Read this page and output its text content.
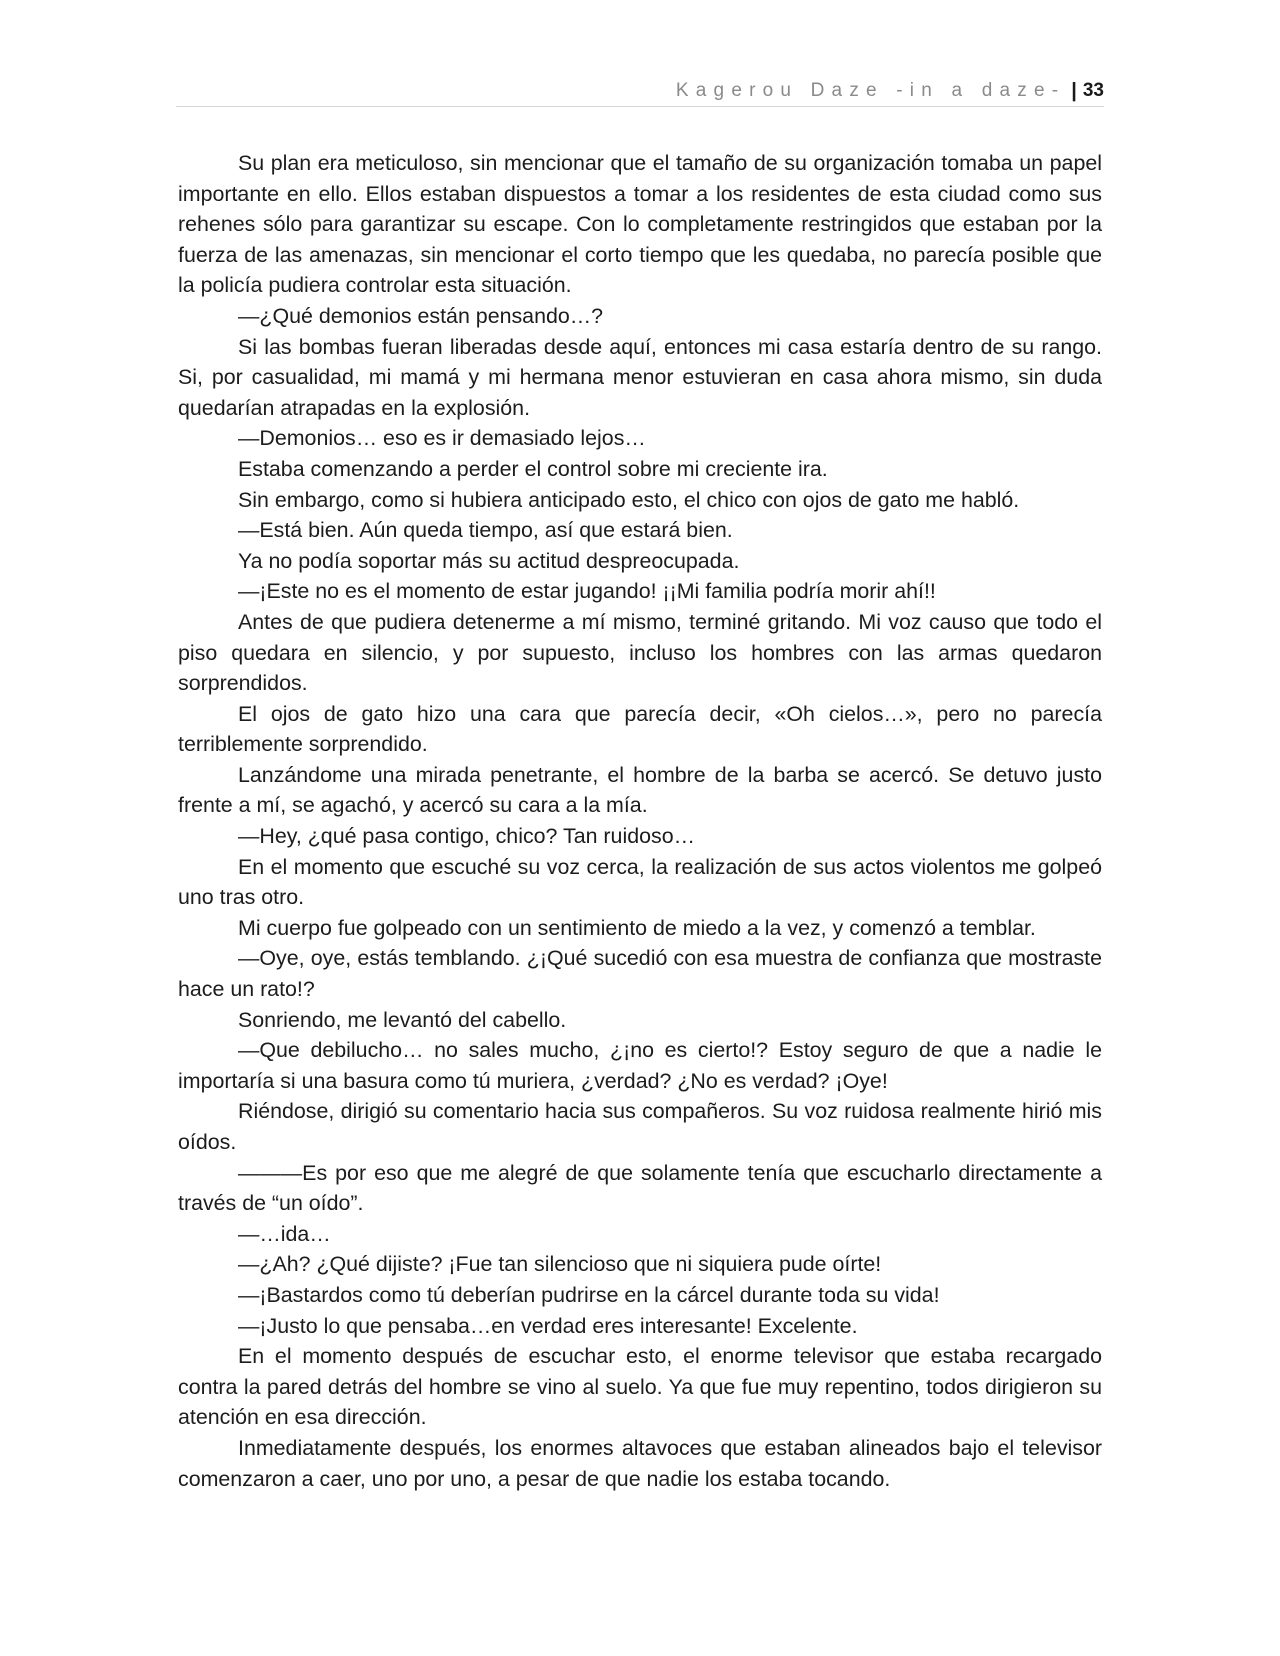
Kagerou Daze -in a daze- | 33

Su plan era meticuloso, sin mencionar que el tamaño de su organización tomaba un papel importante en ello. Ellos estaban dispuestos a tomar a los residentes de esta ciudad como sus rehenes sólo para garantizar su escape. Con lo completamente restringidos que estaban por la fuerza de las amenazas, sin mencionar el corto tiempo que les quedaba, no parecía posible que la policía pudiera controlar esta situación.

—¿Qué demonios están pensando…?

Si las bombas fueran liberadas desde aquí, entonces mi casa estaría dentro de su rango. Si, por casualidad, mi mamá y mi hermana menor estuvieran en casa ahora mismo, sin duda quedarían atrapadas en la explosión.

—Demonios… eso es ir demasiado lejos…

Estaba comenzando a perder el control sobre mi creciente ira.

Sin embargo, como si hubiera anticipado esto, el chico con ojos de gato me habló.

—Está bien. Aún queda tiempo, así que estará bien.

Ya no podía soportar más su actitud despreocupada.

—¡Este no es el momento de estar jugando! ¡¡Mi familia podría morir ahí!!

Antes de que pudiera detenerme a mí mismo, terminé gritando. Mi voz causo que todo el piso quedara en silencio, y por supuesto, incluso los hombres con las armas quedaron sorprendidos.

El ojos de gato hizo una cara que parecía decir, «Oh cielos…», pero no parecía terriblemente sorprendido.

Lanzándome una mirada penetrante, el hombre de la barba se acercó. Se detuvo justo frente a mí, se agachó, y acercó su cara a la mía.

—Hey, ¿qué pasa contigo, chico? Tan ruidoso…

En el momento que escuché su voz cerca, la realización de sus actos violentos me golpeó uno tras otro.

Mi cuerpo fue golpeado con un sentimiento de miedo a la vez, y comenzó a temblar.

—Oye, oye, estás temblando. ¿¡Qué sucedió con esa muestra de confianza que mostraste hace un rato!?

Sonriendo, me levantó del cabello.

—Que debilucho… no sales mucho, ¿¡no es cierto!? Estoy seguro de que a nadie le importaría si una basura como tú muriera, ¿verdad? ¿No es verdad? ¡Oye!

Riéndose, dirigió su comentario hacia sus compañeros. Su voz ruidosa realmente hirió mis oídos.

———Es por eso que me alegré de que solamente tenía que escucharlo directamente a través de “un oído”.

—…ida…

—¿Ah? ¿Qué dijiste? ¡Fue tan silencioso que ni siquiera pude oírte!

—¡Bastardos como tú deberían pudrirse en la cárcel durante toda su vida!

—¡Justo lo que pensaba…en verdad eres interesante! Excelente.

En el momento después de escuchar esto, el enorme televisor que estaba recargado contra la pared detrás del hombre se vino al suelo. Ya que fue muy repentino, todos dirigieron su atención en esa dirección.

Inmediatamente después, los enormes altavoces que estaban alineados bajo el televisor comenzaron a caer, uno por uno, a pesar de que nadie los estaba tocando.
